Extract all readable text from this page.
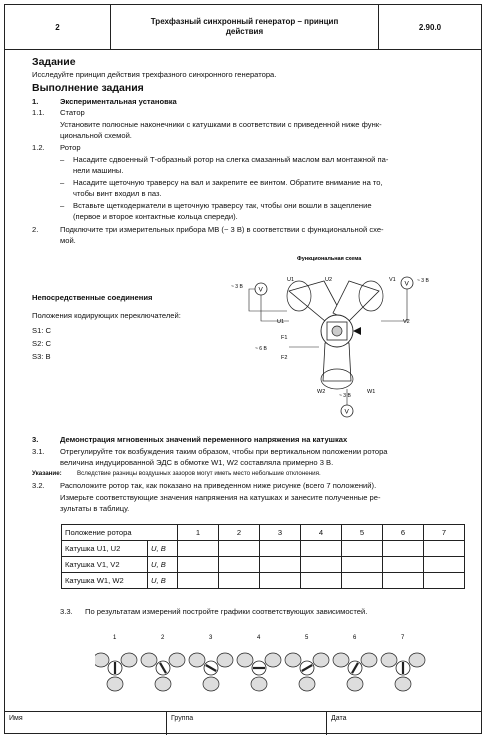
2
Трехфазный синхронный генератор – принцип действия	2.90.0
Задание
Исследуйте принцип действия трехфазного синхронного генератора.
Выполнение задания
1.	Экспериментальная установка
1.1. Статор
Установите полюсные наконечники с катушками в соответствии с приведенной ниже функ-
циональной схемой.
1.2. Ротор
– Насадите сдвоенный Т-образный ротор на слегка смазанный маслом вал монтажной па-
нели машины.
– Насадите щеточную траверсу на вал и закрепите ее винтом. Обратите внимание на то,
чтобы винт входил в паз.
– Вставьте щеткодержатели в щеточную траверсу так, чтобы они вошли в зацепление
(первое и второе контактные кольца спереди).
2.	Подключите три измерительных прибора МВ (~ 3 В) в соответствии с функциональной схе-
мой.
Непосредственные соединения
Положения кодирующих переключателей:
S1: C
S2: C
S3: B
Функциональная схема
V
~ 3 В	V ~ 3 В
V
~ 3 В
U1	U2	V1
V2
U1
F1
F2
~ 6 В
W2	W1
3.	Демонстрация мгновенных значений переменного напряжения на катушках
3.1. Отрегулируйте ток возбуждения таким образом, чтобы при вертикальном положении ротора
величина индуцированной ЭДС в обмотке W1, W2 составляла примерно 3 В.
Указание: Вследствие разницы воздушных зазоров могут иметь место небольшие отклонения.
3.2. Расположите ротор так, как показано на приведенном ниже рисунке (всего 7 положений).
Измерьте соответствующие значения напряжения на катушках и занесите полученные ре-
зультаты в таблицу.
Положение ротора		1	2	3	4	5	6	7
Катушка U1, U2	U, В							
Катушка V1, V2	U, В							
Катушка W1, W2	U, В							
3.3. По результатам измерений постройте графики соответствующих зависимостей.
1	2	3	4	5	6	7
Имя	Группа	Дата
